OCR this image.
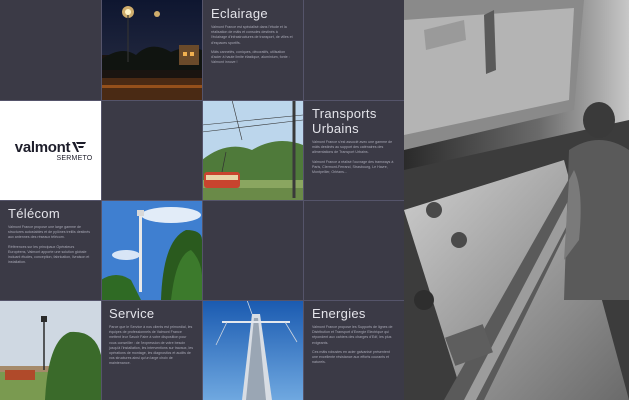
Eclairage

Valmont France est spécialisé dans l'étude et la réalisation de mâts et consoles destinés à l'éclairage d'infrastructures de transport, de villes et d'espaces sportifs.

Mâts cannelés, coniques, décoratifs, utilisation d'acier à haute limite élastique, aluminium, fonte : Valmont innove !

valmont
SERMETO
Transports
Urbains

Valmont France s'est associé avec une gamme de mâts destinés au support des caténaires des alimentations de Transport Urbains.

Valmont France a réalisé l'ouvrage des tramways à Paris, Clermont-Ferrand, Strasbourg, Le Havre, Montpellier, Orléans...

Télécom

Valmont France propose une large gamme de structures autostables et de pylônes treillis destinés aux antennes des réseaux télécom.

Références sur les principaux Opérateurs Européens, Valmont apporte une solution globale incluant études, conception, fabrication, livraison et installation.

Service

Parce que le Service à nos clients est primordial, les équipes de professionnels de Valmont France mettent leur Savoir Faire à votre disposition pour vous conseiller : de l'expression de votre besoin jusqu'à l'installation, les interventions sur travaux, les opérations de montage, les diagnostics et audits de vos structures ainsi qu'un large choix de maintenance.

Energies

Valmont France propose les Supports de lignes de Distribution et Transport d'Energie Electrique qui répondent aux cahiers des charges d'Edf, les plus exigeants.

Ces mâts robustes en acier galvanisé présentent une excellente résistance aux efforts courants et naturels.
